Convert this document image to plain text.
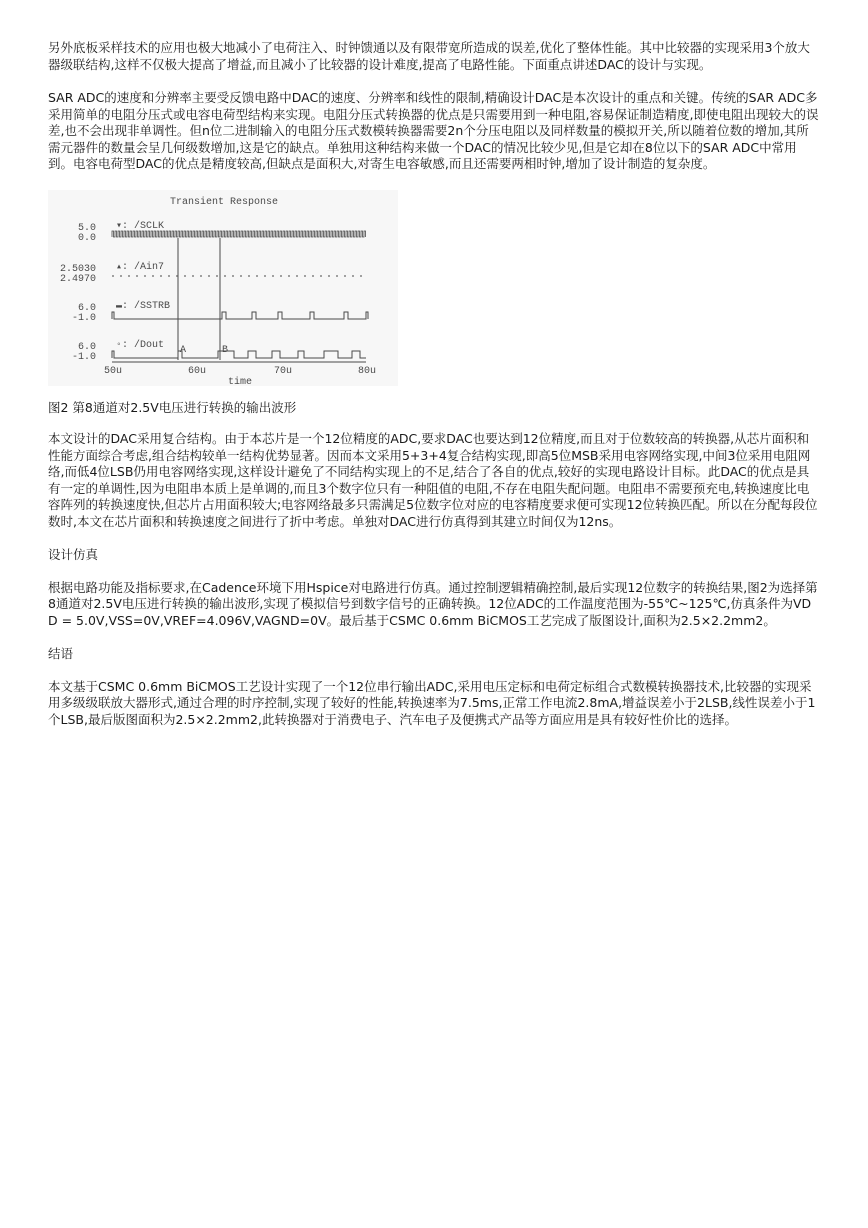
另外底板采样技术的应用也极大地减小了电荷注入、时钟馈通以及有限带宽所造成的误差,优化了整体性能。其中比较器的实现采用3个放大器级联结构,这样不仅极大提高了增益,而且减小了比较器的设计难度,提高了电路性能。下面重点讲述DAC的设计与实现。

SAR ADC的速度和分辨率主要受反馈电路中DAC的速度、分辨率和线性的限制,精确设计DAC是本次设计的重点和关键。传统的SAR ADC多采用简单的电阻分压式或电容电荷型结构来实现。电阻分压式转换器的优点是只需要用到一种电阻,容易保证制造精度,即使电阻出现较大的误差,也不会出现非单调性。但n位二进制输入的电阻分压式数模转换器需要2n个分压电阻以及同样数量的模拟开关,所以随着位数的增加,其所需元器件的数量会呈几何级数增加,这是它的缺点。单独用这种结构来做一个DAC的情况比较少见,但是它却在8位以下的SAR ADC中常用到。电容电荷型DAC的优点是精度较高,但缺点是面积大,对寄生电容敏感,而且还需要两相时钟,增加了设计制造的复杂度。

Transient Response
5.0
0.0
▾: /SCLK
2.5030
2.4970
▴: /Ain7
6.0
-1.0
▬: /SSTRB
6.0
-1.0
◦: /Dout A	B
50u	60u	70u	80u
time

图2 第8通道对2.5V电压进行转换的输出波形

本文设计的DAC采用复合结构。由于本芯片是一个12位精度的ADC,要求DAC也要达到12位精度,而且对于位数较高的转换器,从芯片面积和性能方面综合考虑,组合结构较单一结构优势显著。因而本文采用5+3+4复合结构实现,即高5位MSB采用电容网络实现,中间3位采用电阻网络,而低4位LSB仍用电容网络实现,这样设计避免了不同结构实现上的不足,结合了各自的优点,较好的实现电路设计目标。此DAC的优点是具有一定的单调性,因为电阻串本质上是单调的,而且3个数字位只有一种阻值的电阻,不存在电阻失配问题。电阻串不需要预充电,转换速度比电容阵列的转换速度快,但芯片占用面积较大;电容网络最多只需满足5位数字位对应的电容精度要求便可实现12位转换匹配。所以在分配每段位数时,本文在芯片面积和转换速度之间进行了折中考虑。单独对DAC进行仿真得到其建立时间仅为12ns。

设计仿真

根据电路功能及指标要求,在Cadence环境下用Hspice对电路进行仿真。通过控制逻辑精确控制,最后实现12位数字的转换结果,图2为选择第8通道对2.5V电压进行转换的输出波形,实现了模拟信号到数字信号的正确转换。12位ADC的工作温度范围为-55℃~125℃,仿真条件为VDD = 5.0V,VSS=0V,VREF=4.096V,VAGND=0V。最后基于CSMC 0.6mm BiCMOS工艺完成了版图设计,面积为2.5×2.2mm2。

结语

本文基于CSMC 0.6mm BiCMOS工艺设计实现了一个12位串行输出ADC,采用电压定标和电荷定标组合式数模转换器技术,比较器的实现采用多级级联放大器形式,通过合理的时序控制,实现了较好的性能,转换速率为7.5ms,正常工作电流2.8mA,增益误差小于2LSB,线性误差小于1个LSB,最后版图面积为2.5×2.2mm2,此转换器对于消费电子、汽车电子及便携式产品等方面应用是具有较好性价比的选择。
